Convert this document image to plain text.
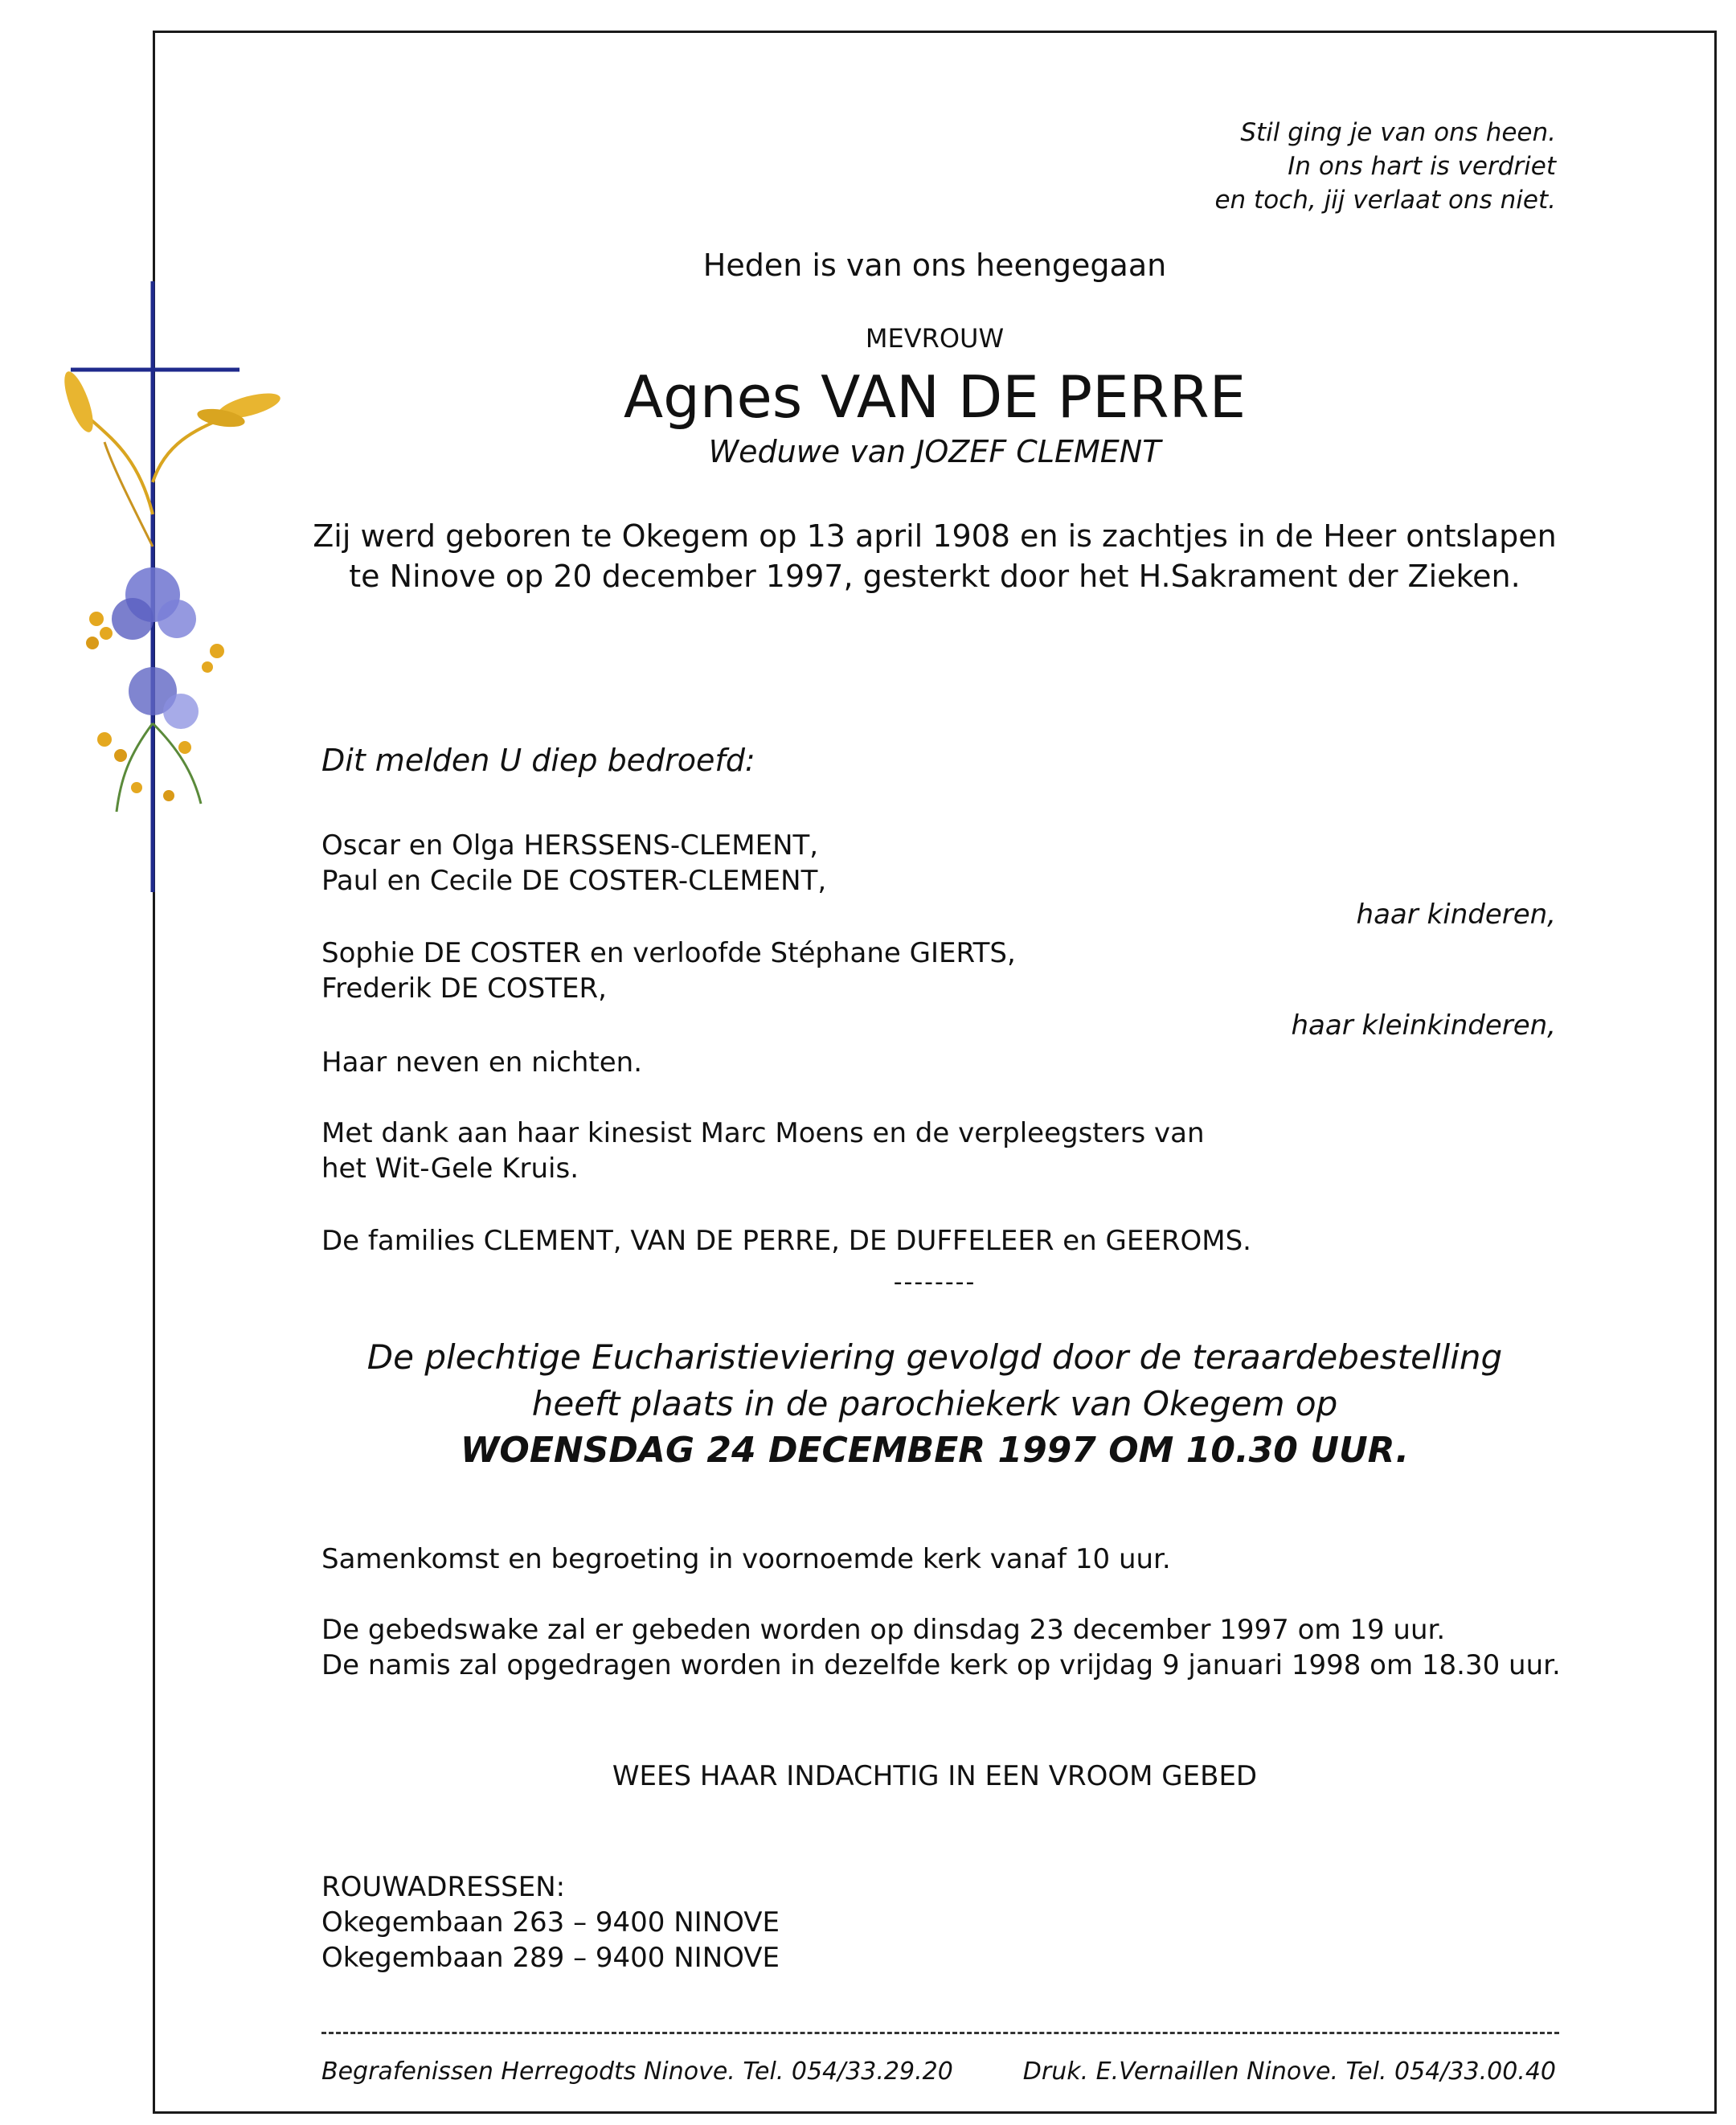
Stil ging je van ons heen.
In ons hart is verdriet
en toch, jij verlaat ons niet.
Heden is van ons heengegaan
MEVROUW
Agnes VAN DE PERRE
Weduwe van JOZEF CLEMENT
Zij werd geboren te Okegem op 13 april 1908 en is zachtjes in de Heer ontslapen
te Ninove op 20 december 1997, gesterkt door het H.Sakrament der Zieken.
Dit melden U diep bedroefd:
Oscar en Olga HERSSENS-CLEMENT,
Paul en Cecile DE COSTER-CLEMENT,
haar kinderen,
Sophie DE COSTER en verloofde Stéphane GIERTS,
Frederik DE COSTER,
haar kleinkinderen,
Haar neven en nichten.
Met dank aan haar kinesist Marc Moens en de verpleegsters van
het Wit-Gele Kruis.
De families CLEMENT, VAN DE PERRE, DE DUFFELEER en GEEROMS.
--------
De plechtige Eucharistieviering gevolgd door de teraardebestelling
heeft plaats in de parochiekerk van Okegem op
WOENSDAG 24 DECEMBER 1997 OM 10.30 UUR.
Samenkomst en begroeting in voornoemde kerk vanaf 10 uur.
De gebedswake zal er gebeden worden op dinsdag 23 december 1997 om 19 uur.
De namis zal opgedragen worden in dezelfde kerk op vrijdag 9 januari 1998 om 18.30 uur.
WEES HAAR INDACHTIG IN EEN VROOM GEBED
ROUWADRESSEN:
Okegembaan 263 – 9400 NINOVE
Okegembaan 289 – 9400 NINOVE
Begrafenissen Herregodts Ninove. Tel. 054/33.29.20	Druk. E.Vernaillen Ninove. Tel. 054/33.00.40
